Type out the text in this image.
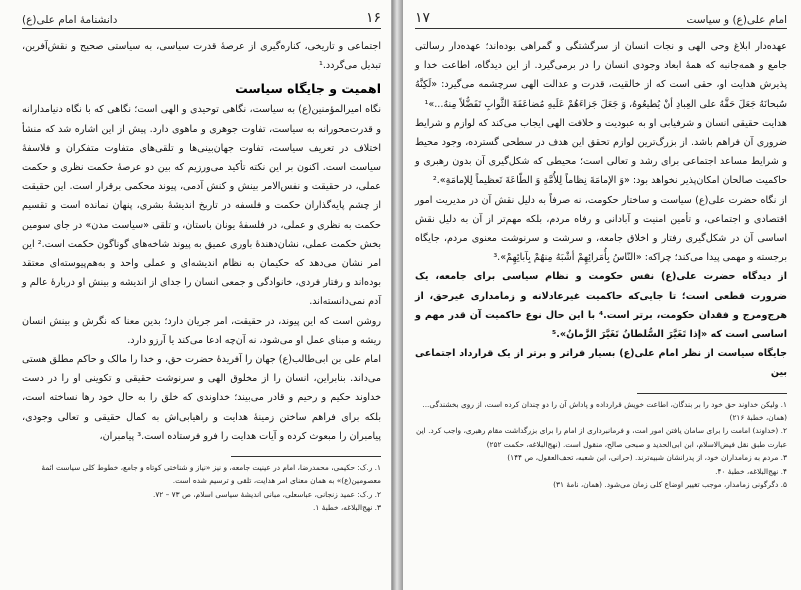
۱۶
دانشنامهٔ امام علی(ع)

اجتماعی و تاریخی، کناره‌گیری از عرصهٔ قدرت سیاسی، به سیاستی صحیح و نقش‌آفرین، تبدیل می‌گردد.¹

اهمیت و جایگاه سیاست

نگاه امیرالمؤمنین(ع) به سیاست، نگاهی توحیدی و الهی است؛ نگاهی که با نگاه دنیامدارانه و قدرت‌محورانه به سیاست، تفاوت جوهری و ماهوی دارد. پیش از این اشاره شد که منشأ اختلاف در تعریف سیاست، تفاوت جهان‌بینی‌ها و تلقی‌های متفاوت متفکران و فلاسفهٔ سیاست است. اکنون بر این نکته تأکید می‌ورزیم که بین دو عرصهٔ حکمت نظری و حکمت عملی، در حقیقت و نفس‌الامر بینش و کنش آدمی، پیوند محکمی برقرار است. این حقیقت از چشم پایه‌گذاران حکمت و فلسفه در تاریخ اندیشهٔ بشری، پنهان نمانده است و تقسیم حکمت به نظری و عملی، در فلسفهٔ یونان باستان، و تلقی «سیاست مدن» در جای سومین بخش حکمت عملی، نشان‌دهندهٔ باوری عمیق به پیوند شاخه‌های گوناگون حکمت است.² این امر نشان می‌دهد که حکیمان به نظام اندیشه‌ای و عملی واحد و به‌هم‌پیوسته‌ای معتقد بوده‌اند و رفتار فردی، خانوادگی و جمعی انسان را جدای از اندیشه و بینش او دربارهٔ عالم و آدم نمی‌دانسته‌اند.

روشن است که این پیوند، در حقیقت، امر جریان دارد؛ بدین معنا که نگرش و بینش انسان ریشه و مبنای عمل او می‌شود، نه آن‌چه ادعا می‌کند یا آرزو دارد.

امام علی بن ابی‌طالب(ع) جهان را آفریدهٔ حضرت حق، و خدا را مالک و حاکم مطلق هستی می‌داند. بنابراین، انسان را از مخلوق الهی و سرنوشت حقیقی و تکوینی او را در دست خداوند حکیم و رحیم و قادر می‌بیند؛ خداوندی که خلق را به حال خود رها نساخته است، بلکه برای فراهم ساختن زمینهٔ هدایت و راهیابی‌اش به کمال حقیقی و تعالی وجودی، پیامبران را مبعوث کرده و آیات هدایت را فرو فرستاده است.³ پیامبران،

۱. ر.ک: حکیمی، محمدرضا، امام در عینیت جامعه، و نیز «نیاز و شناختی کوتاه و جامع، خطوط کلی سیاست ائمهٔ معصومین(ع)» به همان معنای امر هدایت، تلقی و ترسیم شده است.
۲. ر.ک: عمید زنجانی، عباسعلی، مبانی اندیشهٔ سیاسی اسلام، ص ۷۳ – ۷۲.
۳. نهج‌البلاغه، خطبهٔ ۱.
امام علی(ع) و سیاست
۱۷

عهده‌دار ابلاغ وحی الهی و نجات انسان از سرگشتگی و گمراهی بوده‌اند؛ عهده‌دار رسالتی جامع و همه‌جانبه که همهٔ ابعاد وجودی انسان را در برمی‌گیرد. از این دیدگاه، اطاعت خدا و پذیرش هدایت او، حقی است که از خالقیت، قدرت و عدالت الهی سرچشمه می‌گیرد: «لَکِنَّهُ سُبحانَهُ جَعَلَ حَقَّهُ علی العِبادِ أنْ یُطیعُوهُ، وَ جَعَلَ جَزاءَهُمْ عَلَیهِ مُضاعَفَةَ الثَّوابِ تَفَضُّلاً مِنهُ...»¹

هدایت حقیقی انسان و شرفیابی او به عبودیت و خلافت الهی ایجاب می‌کند که لوازم و شرایط ضروری آن فراهم باشد. از بزرگ‌ترین لوازم تحقق این هدف در سطحی گسترده، وجود محیط و شرایط مساعد اجتماعی برای رشد و تعالی است؛ محیطی که شکل‌گیری آن بدون رهبری و حاکمیت صالحان امکان‌پذیر نخواهد بود: «وَ الإمامَةَ نِظاماً لِلأُمَّةِ وَ الطّاعَةَ تَعظیماً لِلإمامَةِ».²

از نگاه حضرت علی(ع) سیاست و ساختار حکومت، نه صرفاً به دلیل نقش آن در مدیریت امور اقتصادی و اجتماعی، و تأمین امنیت و آبادانی و رفاه مردم، بلکه مهم‌تر از آن به دلیل نقش اساسی آن در شکل‌گیری رفتار و اخلاق جامعه، و سرشت و سرنوشت معنوی مردم، جایگاه برجسته و مهمی پیدا می‌کند؛ چراکه: «النّاسُ بِأُمَرائِهِمْ أشْبَهُ مِنهُمْ بِآبائِهِمْ».³

از دیدگاه حضرت علی(ع) نفس حکومت و نظام سیاسی برای جامعه، یک ضرورت قطعی است؛ تا جایی‌که حاکمیت غیرعادلانه و زمامداری غیرحق، از هرج‌ومرج و فقدان حکومت، برتر است.⁴ با این حال نوع حاکمیت آن قدر مهم و اساسی است که «إذا تَغَیَّرَ السُّلطانُ تَغَیَّرَ الزَّمانُ».⁵

جایگاه سیاست از نظر امام علی(ع) بسیار فراتر و برتر از یک قرارداد اجتماعی بین

۱. ولیکن خداوند حق خود را بر بندگان، اطاعت خویش قرارداده و پاداش آن را دو چندان کرده است، از روی بخشندگی... (همان، خطبهٔ ۲۱۶)
۲. (خداوند) امامت را برای سامان یافتن امور امت، و فرمانبرداری از امام را برای بزرگداشت مقام رهبری، واجب کرد. این عبارت طبق نقل فیض‌الاسلام، ابن ابی‌الحدید و صبحی صالح، منقول است. (نهج‌البلاغه، حکمت ۲۵۲)
۳. مردم به زمامداران خود، از پدرانشان شبیه‌ترند. (حرانی، ابن شعبه، تحف‌العقول، ص ۱۴۴)
۴. نهج‌البلاغه، خطبهٔ ۴۰.
۵. دگرگونی زمامدار، موجب تغییر اوضاع کلی زمان می‌شود. (همان، نامهٔ ۳۱)
